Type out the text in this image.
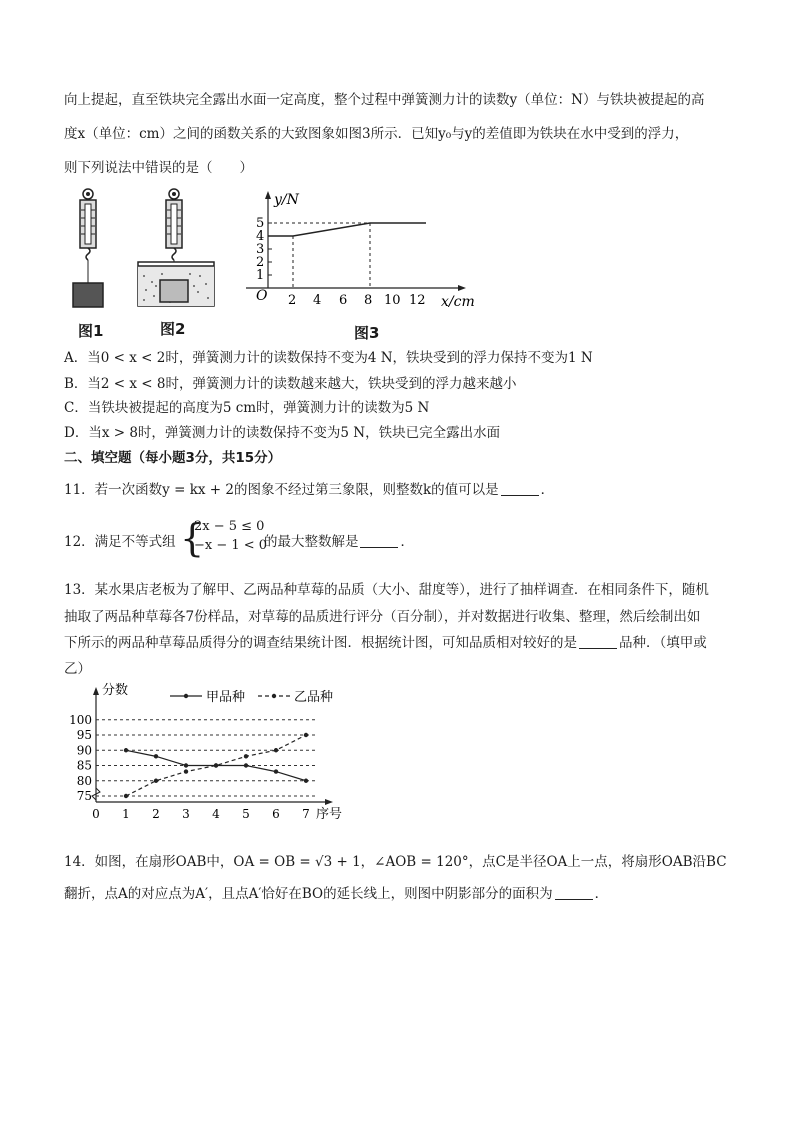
向上提起，直至铁块完全露出水面一定高度，整个过程中弹簧测力计的读数y（单位：N）与铁块被提起的高
度x（单位：cm）之间的函数关系的大致图象如图3所示．已知y₀与y的差值即为铁块在水中受到的浮力，
则下列说法中错误的是（　　）
图1	图2
1
2
3
4
5
y/N
O 2 4 6 8 10 12 x/cm
图3
A．当0 < x < 2时，弹簧测力计的读数保持不变为4 N，铁块受到的浮力保持不变为1 N
B．当2 < x < 8时，弹簧测力计的读数越来越大，铁块受到的浮力越来越小
C．当铁块被提起的高度为5 cm时，弹簧测力计的读数为5 N
D．当x > 8时，弹簧测力计的读数保持不变为5 N，铁块已完全露出水面
二、填空题（每小题3分，共15分）
11．若一次函数y = kx + 2的图象不经过第三象限，则整数k的值可以是	．
12．满足不等式组 {
2x − 5 ≤ 0
−x − 1 < 0
的最大整数解是	．
13．某水果店老板为了解甲、乙两品种草莓的品质（大小、甜度等），进行了抽样调查．在相同条件下，随机
抽取了两品种草莓各7份样品，对草莓的品质进行评分（百分制），并对数据进行收集、整理，然后绘制出如
下所示的两品种草莓品质得分的调查结果统计图．根据统计图，可知品质相对较好的是	品种．（填甲或
乙）
分数
75
80
85
90
95
100
0 1 2 3 4 5 6 7 序号
甲品种	乙品种
14．如图，在扇形OAB中，OA = OB = √3 + 1，∠AOB = 120°，点C是半径OA上一点，将扇形OAB沿BC
翻折，点A的对应点为A′，且点A′恰好在BO的延长线上，则图中阴影部分的面积为	．
